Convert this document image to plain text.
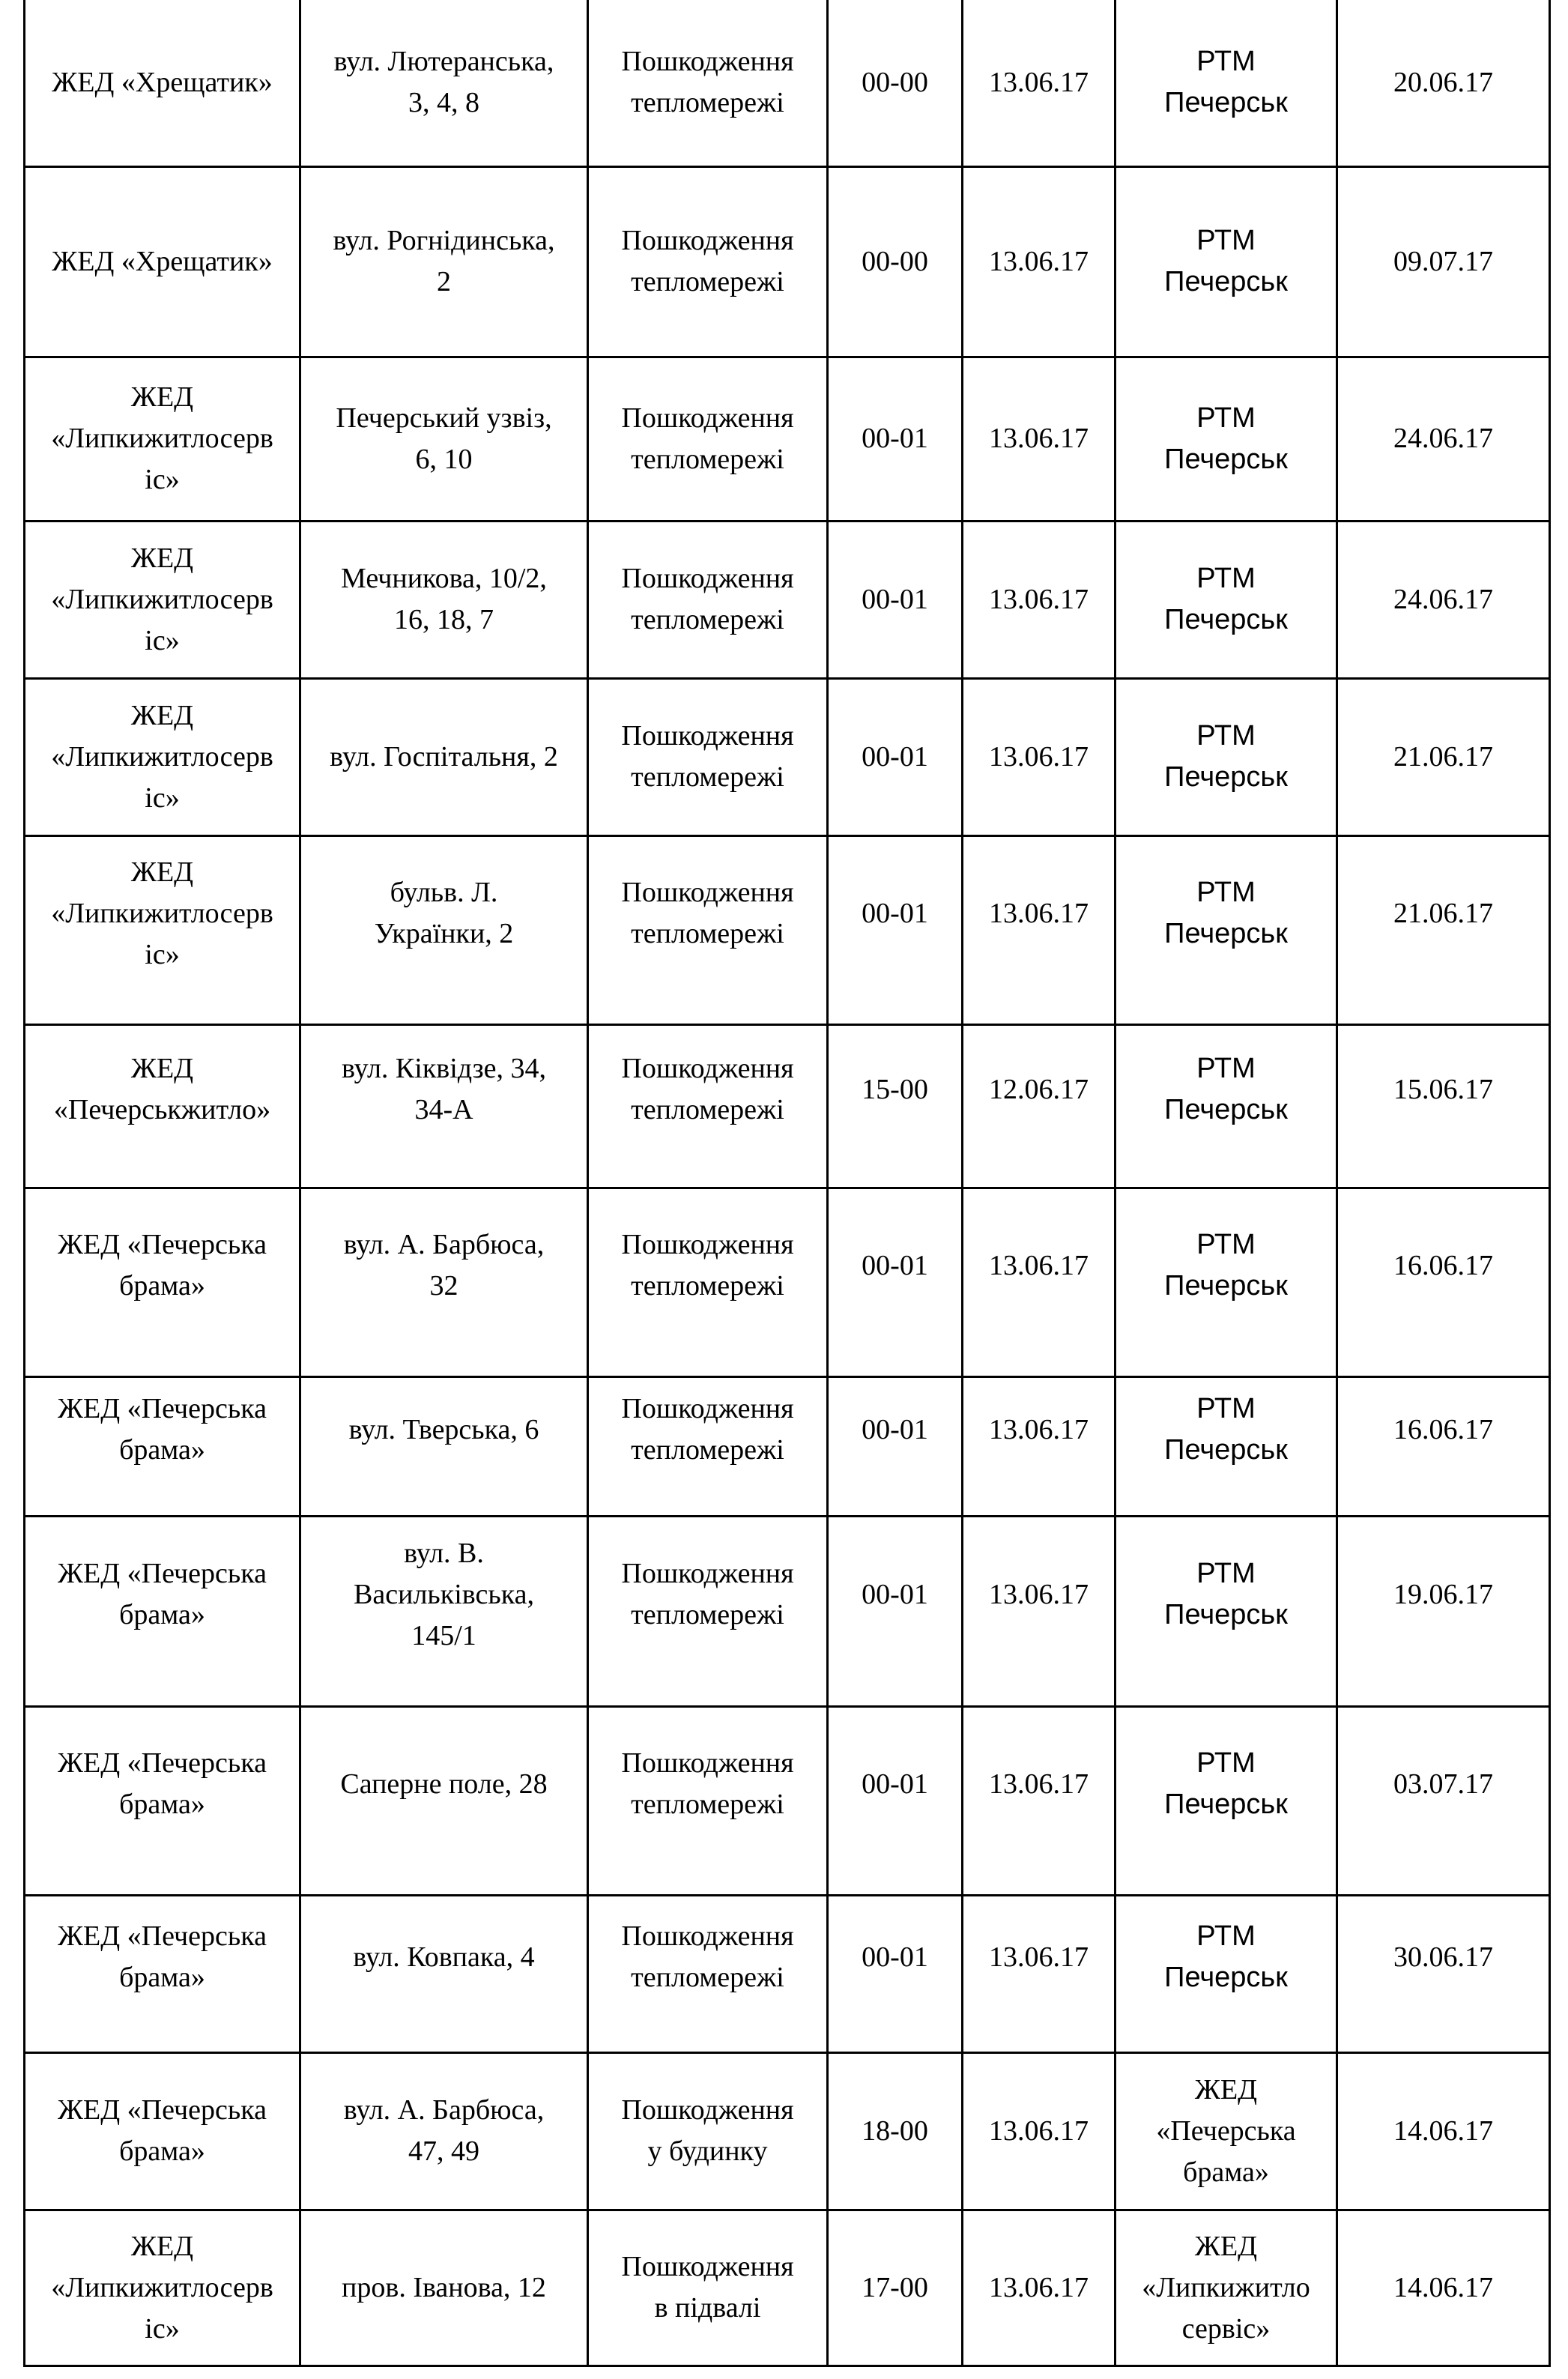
ЖЕД «Хрещатик»	вул. Лютеранська,
3, 4, 8	Пошкодження
тепломережі	00-00	13.06.17	РТМ
Печерськ	20.06.17

ЖЕД «Хрещатик»	вул. Рогнідинська,
2	Пошкодження
тепломережі	00-00	13.06.17	РТМ
Печерськ	09.07.17

ЖЕД
«Липкижитлосерв
іс»	Печерський узвіз,
6, 10	Пошкодження
тепломережі	00-01	13.06.17	РТМ
Печерськ	24.06.17

ЖЕД
«Липкижитлосерв
іс»	Мечникова, 10/2,
16, 18, 7	Пошкодження
тепломережі	00-01	13.06.17	РТМ
Печерськ	24.06.17

ЖЕД
«Липкижитлосерв
іс»	вул. Госпітальня, 2	Пошкодження
тепломережі	00-01	13.06.17	РТМ
Печерськ	21.06.17

ЖЕД
«Липкижитлосерв
іс»	бульв. Л.
Українки, 2	Пошкодження
тепломережі	00-01	13.06.17	РТМ
Печерськ	21.06.17

ЖЕД
«Печерськжитло»	вул. Кіквідзе, 34,
34-А	Пошкодження
тепломережі	15-00	12.06.17	РТМ
Печерськ	15.06.17

ЖЕД «Печерська
брама»	вул. А. Барбюса,
32	Пошкодження
тепломережі	00-01	13.06.17	РТМ
Печерськ	16.06.17

ЖЕД «Печерська
брама»	вул. Тверська, 6	Пошкодження
тепломережі	00-01	13.06.17	РТМ
Печерськ	16.06.17

ЖЕД «Печерська
брама»	вул. В.
Васильківська,
145/1	Пошкодження
тепломережі	00-01	13.06.17	РТМ
Печерськ	19.06.17

ЖЕД «Печерська
брама»	Саперне поле, 28	Пошкодження
тепломережі	00-01	13.06.17	РТМ
Печерськ	03.07.17

ЖЕД «Печерська
брама»	вул. Ковпака, 4	Пошкодження
тепломережі	00-01	13.06.17	РТМ
Печерськ	30.06.17

ЖЕД «Печерська
брама»	вул. А. Барбюса,
47, 49	Пошкодження
у будинку	18-00	13.06.17	ЖЕД
«Печерська
брама»	14.06.17

ЖЕД
«Липкижитлосерв
іс»	пров. Іванова, 12	Пошкодження
в підвалі	17-00	13.06.17	ЖЕД
«Липкижитло
сервіс»	14.06.17
